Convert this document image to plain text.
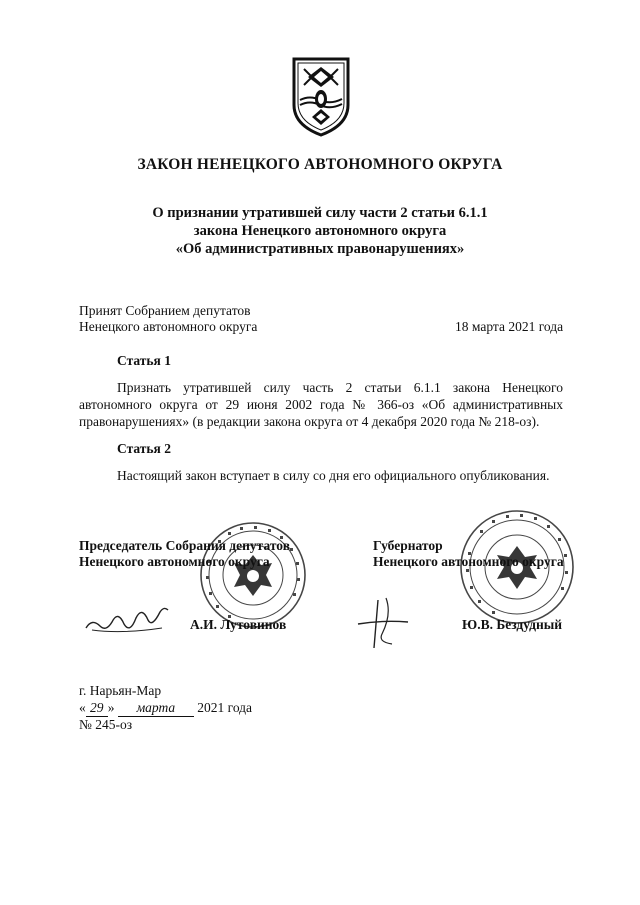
ЗАКОН НЕНЕЦКОГО АВТОНОМНОГО ОКРУГА
О признании утратившей силу части 2 статьи 6.1.1
закона Ненецкого автономного округа
«Об административных правонарушениях»
Принят Собранием депутатов
Ненецкого автономного округа	18 марта 2021 года
Статья 1
Признать утратившей силу часть 2 статьи 6.1.1 закона Ненецкого автономного округа от 29 июня 2002 года № 366-оз «Об административных правонарушениях» (в редакции закона округа от 4 декабря 2020 года № 218-оз).
Статья 2
Настоящий закон вступает в силу со дня его официального опубликования.
Председатель Собрания депутатов
Ненецкого автономного округа
А.И. Лутовинов
Губернатор
Ненецкого автономного округа
Ю.В. Бездудный
г. Нарьян-Мар
« 29 » марта 2021 года
№ 245-оз
